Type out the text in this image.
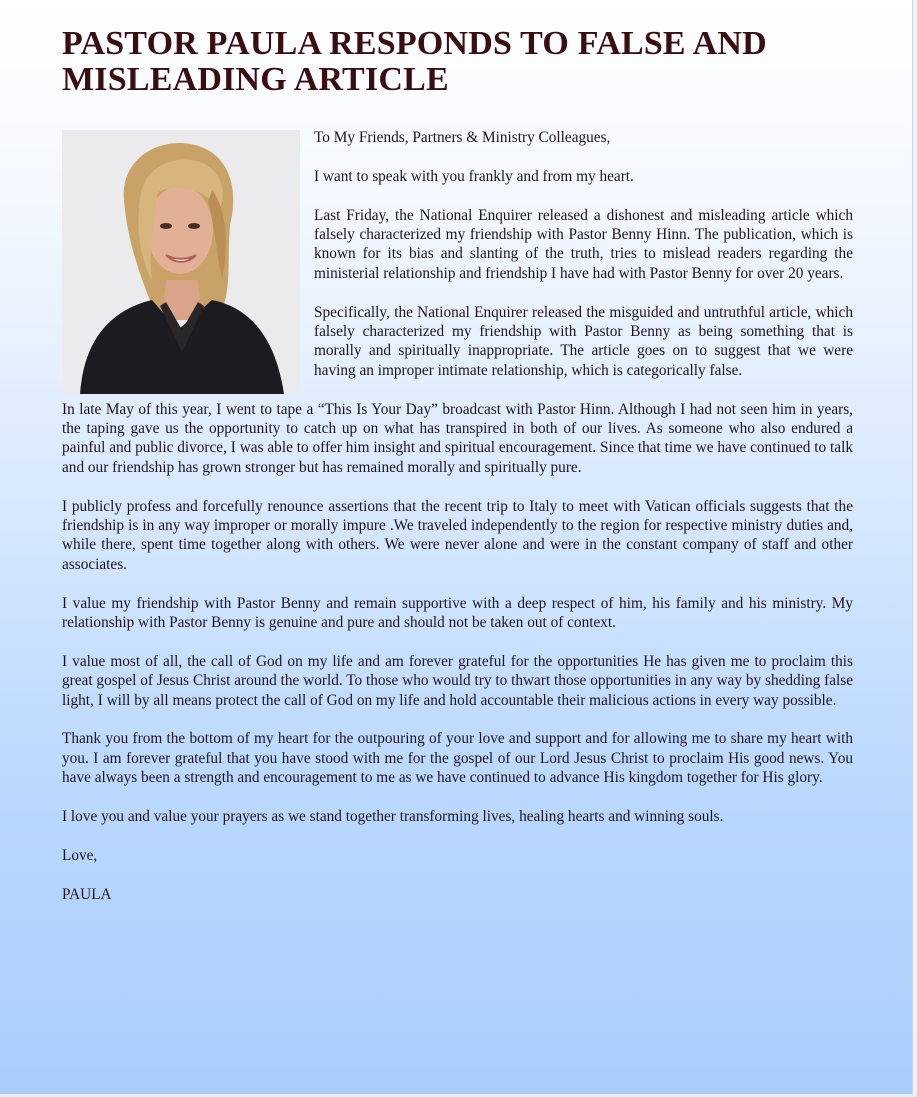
PASTOR PAULA RESPONDS TO FALSE AND MISLEADING ARTICLE

To My Friends, Partners & Ministry Colleagues,

I want to speak with you frankly and from my heart.

Last Friday, the National Enquirer released a dishonest and misleading article which falsely characterized my friendship with Pastor Benny Hinn. The publication, which is known for its bias and slanting of the truth, tries to mislead readers regarding the ministerial relationship and friendship I have had with Pastor Benny for over 20 years.

Specifically, the National Enquirer released the misguided and untruthful article, which falsely characterized my friendship with Pastor Benny as being something that is morally and spiritually inappropriate. The article goes on to suggest that we were having an improper intimate relationship, which is categorically false.

In late May of this year, I went to tape a “This Is Your Day” broadcast with Pastor Hinn. Although I had not seen him in years, the taping gave us the opportunity to catch up on what has transpired in both of our lives. As someone who also endured a painful and public divorce, I was able to offer him insight and spiritual encouragement. Since that time we have continued to talk and our friendship has grown stronger but has remained morally and spiritually pure.

I publicly profess and forcefully renounce assertions that the recent trip to Italy to meet with Vatican officials suggests that the friendship is in any way improper or morally impure .We traveled independently to the region for respective ministry duties and, while there, spent time together along with others. We were never alone and were in the constant company of staff and other associates.

I value my friendship with Pastor Benny and remain supportive with a deep respect of him, his family and his ministry. My relationship with Pastor Benny is genuine and pure and should not be taken out of context.

I value most of all, the call of God on my life and am forever grateful for the opportunities He has given me to proclaim this great gospel of Jesus Christ around the world. To those who would try to thwart those opportunities in any way by shedding false light, I will by all means protect the call of God on my life and hold accountable their malicious actions in every way possible.

Thank you from the bottom of my heart for the outpouring of your love and support and for allowing me to share my heart with you. I am forever grateful that you have stood with me for the gospel of our Lord Jesus Christ to proclaim His good news. You have always been a strength and encouragement to me as we have continued to advance His kingdom together for His glory.

I love you and value your prayers as we stand together transforming lives, healing hearts and winning souls.

Love,

PAULA
